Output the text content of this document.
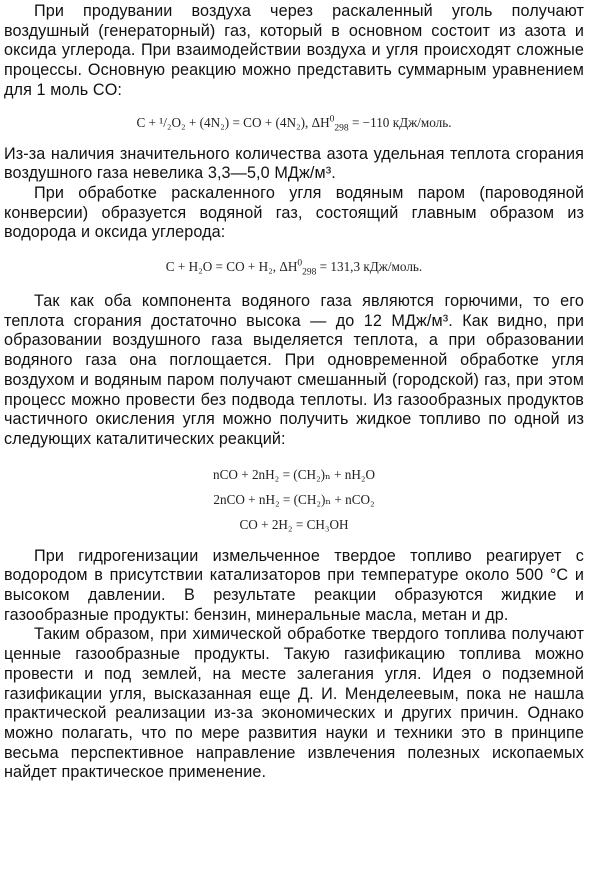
При продувании воздуха через раскаленный уголь получают воздушный (генераторный) газ, который в основном состоит из азота и оксида углерода. При взаимодействии воздуха и угля происходят сложные процессы. Основную реакцию можно представить суммарным уравнением для 1 моль CO:

C + ¹/₂O₂ + (4N₂) = CO + (4N₂), $\Delta H^0_{298} = -110$ кДж/моль.

Из-за наличия значительного количества азота удельная теплота сгорания воздушного газа невелика 3,3—5,0 МДж/м³.

При обработке раскаленного угля водяным паром (пароводяной конверсии) образуется водяной газ, состоящий главным образом из водорода и оксида углерода:

C + H₂O = CO + H₂, $\Delta H^0_{298} = 131,3$ кДж/моль.

Так как оба компонента водяного газа являются горючими, то его теплота сгорания достаточно высока — до 12 МДж/м³. Как видно, при образовании воздушного газа выделяется теплота, а при образовании водяного газа она поглощается. При одновременной обработке угля воздухом и водяным паром получают смешанный (городской) газ, при этом процесс можно провести без подвода теплоты. Из газообразных продуктов частичного окисления угля можно получить жидкое топливо по одной из следующих каталитических реакций:

nCO + 2nH₂ = (CH₂)ₙ + nH₂O
2nCO + nH₂ = (CH₂)ₙ + nCO₂
CO + 2H₂ = CH₃OH

При гидрогенизации измельченное твердое топливо реагирует с водородом в присутствии катализаторов при температуре около 500 °C и высоком давлении. В результате реакции образуются жидкие и газообразные продукты: бензин, минеральные масла, метан и др.

Таким образом, при химической обработке твердого топлива получают ценные газообразные продукты. Такую газификацию топлива можно провести и под землей, на месте залегания угля. Идея о подземной газификации угля, высказанная еще Д. И. Менделеевым, пока не нашла практической реализации из-за экономических и других причин. Однако можно полагать, что по мере развития науки и техники это в принципе весьма перспективное направление извлечения полезных ископаемых найдет практическое применение.
